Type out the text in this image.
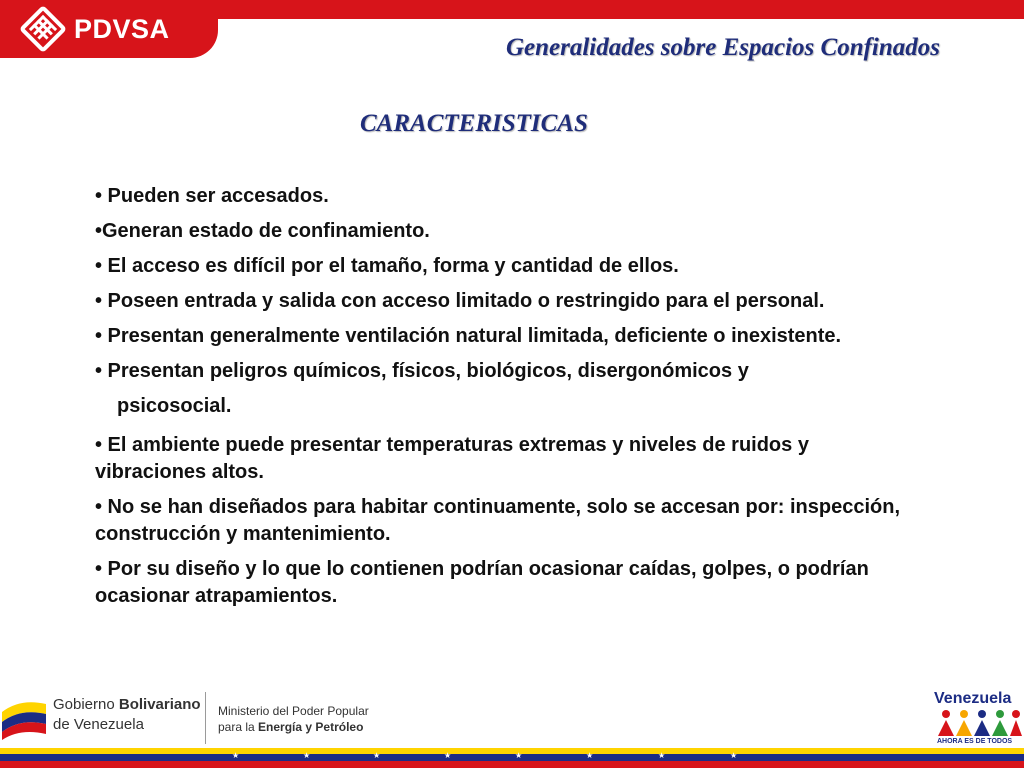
PDVSA
Generalidades sobre Espacios Confinados
CARACTERISTICAS

• Pueden ser accesados.

•Generan estado de confinamiento.

• El acceso es difícil por el tamaño, forma y cantidad de ellos.

• Poseen entrada y salida con acceso limitado o restringido para el personal.

• Presentan generalmente ventilación natural limitada, deficiente o inexistente.

• Presentan peligros químicos, físicos, biológicos, disergonómicos y

psicosocial.

• El ambiente puede presentar temperaturas extremas y niveles de ruidos y vibraciones altos.

• No se han diseñados para habitar continuamente, solo se accesan por: inspección, construcción y mantenimiento.

• Por su diseño y lo que lo contienen podrían ocasionar caídas, golpes, o podrían ocasionar atrapamientos.

Gobierno Bolivariano
de Venezuela
Ministerio del Poder Popular
para la Energía y Petróleo
Venezuela
AHORA ES DE TODOS
★	★	★	★	★	★	★	★
